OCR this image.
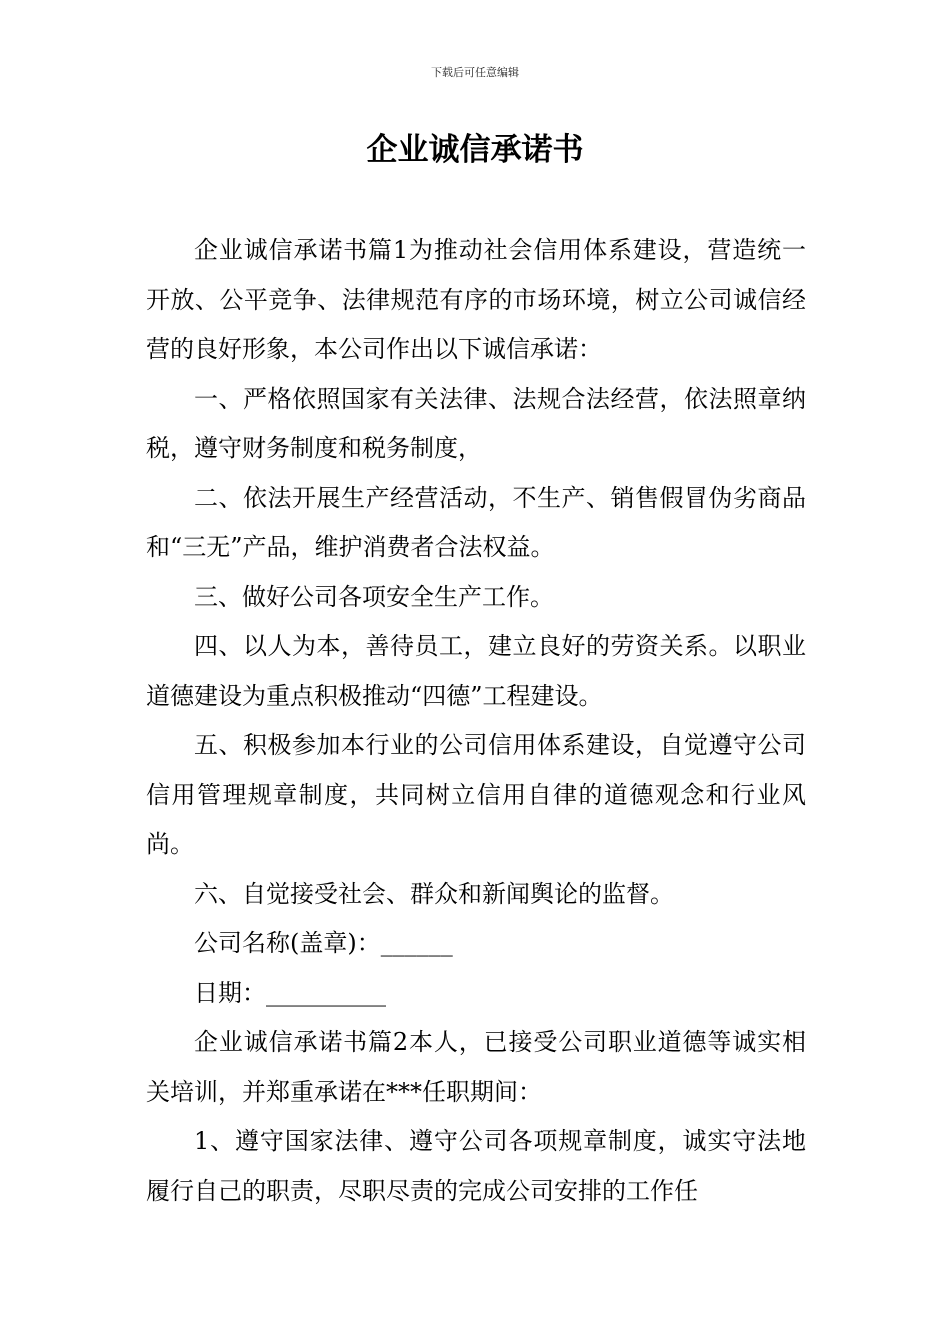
下载后可任意编辑
企业诚信承诺书

企业诚信承诺书篇1为推动社会信用体系建设，营造统一开放、公平竞争、法律规范有序的市场环境，树立公司诚信经营的良好形象，本公司作出以下诚信承诺：

一、严格依照国家有关法律、法规合法经营，依法照章纳税，遵守财务制度和税务制度，

二、依法开展生产经营活动，不生产、销售假冒伪劣商品和“三无”产品，维护消费者合法权益。

三、做好公司各项安全生产工作。

四、以人为本，善待员工，建立良好的劳资关系。以职业道德建设为重点积极推动“四德”工程建设。

五、积极参加本行业的公司信用体系建设，自觉遵守公司信用管理规章制度，共同树立信用自律的道德观念和行业风尚。

六、自觉接受社会、群众和新闻舆论的监督。

公司名称(盖章)：______

日期：__________

企业诚信承诺书篇2本人，已接受公司职业道德等诚实相关培训，并郑重承诺在***任职期间：

1、遵守国家法律、遵守公司各项规章制度，诚实守法地履行自己的职责，尽职尽责的完成公司安排的工作任
